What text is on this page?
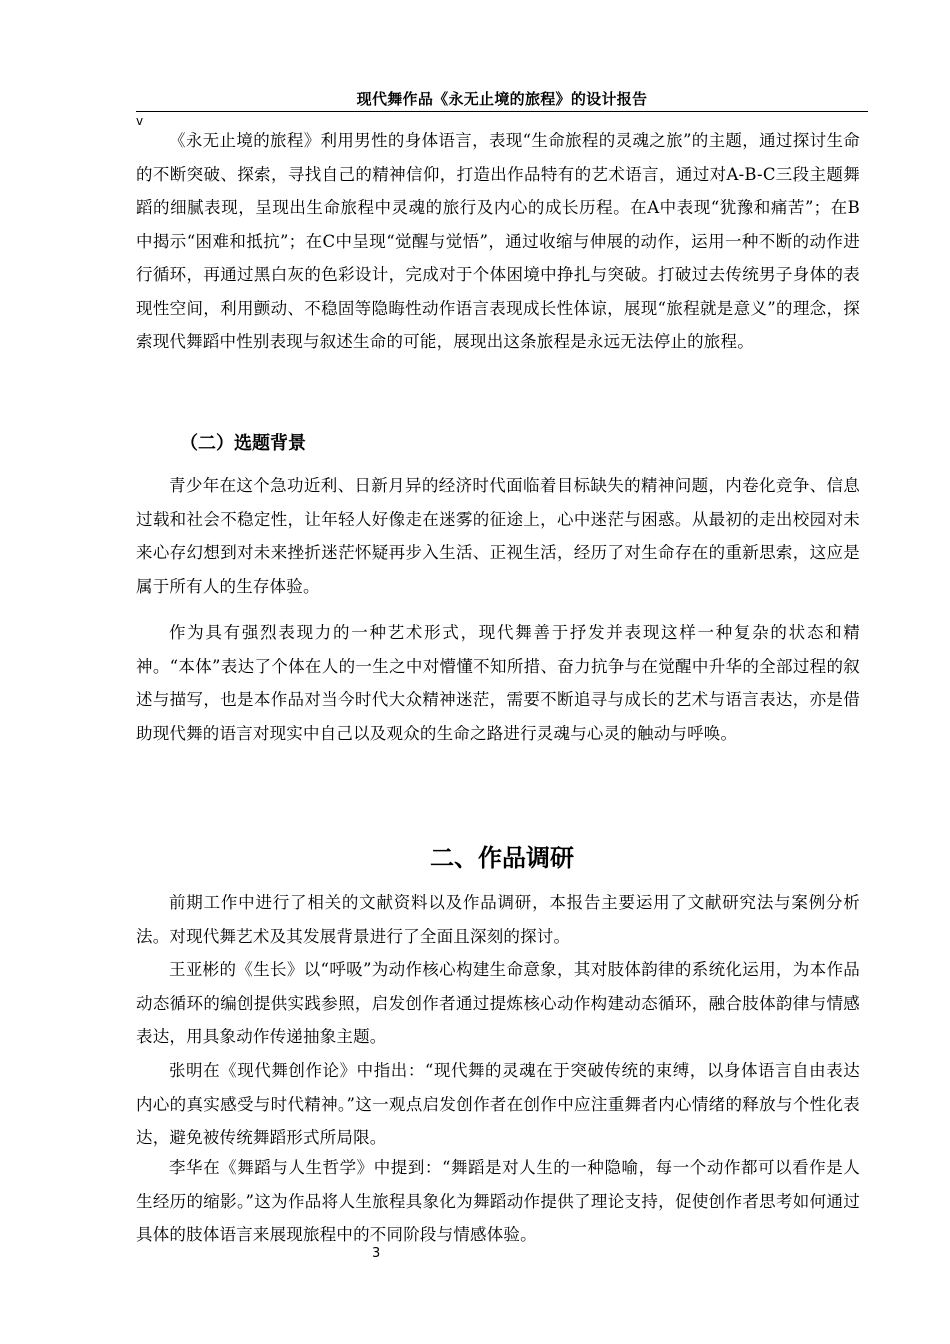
现代舞作品《永无止境的旅程》的设计报告
v

《永无止境的旅程》利用男性的身体语言，表现“生命旅程的灵魂之旅”的主题，通过探讨生命的不断突破、探索，寻找自己的精神信仰，打造出作品特有的艺术语言，通过对A-B-C三段主题舞蹈的细腻表现，呈现出生命旅程中灵魂的旅行及内心的成长历程。在A中表现“犹豫和痛苦”；在B中揭示“困难和抵抗”；在C中呈现“觉醒与觉悟”，通过收缩与伸展的动作，运用一种不断的动作进行循环，再通过黑白灰的色彩设计，完成对于个体困境中挣扎与突破。打破过去传统男子身体的表现性空间，利用颤动、不稳固等隐晦性动作语言表现成长性体谅，展现“旅程就是意义”的理念，探索现代舞蹈中性别表现与叙述生命的可能，展现出这条旅程是永远无法停止的旅程。

（二）选题背景

青少年在这个急功近利、日新月异的经济时代面临着目标缺失的精神问题，内卷化竞争、信息过载和社会不稳定性，让年轻人好像走在迷雾的征途上，心中迷茫与困惑。从最初的走出校园对未来心存幻想到对未来挫折迷茫怀疑再步入生活、正视生活，经历了对生命存在的重新思索，这应是属于所有人的生存体验。

作为具有强烈表现力的一种艺术形式，现代舞善于抒发并表现这样一种复杂的状态和精神。“本体”表达了个体在人的一生之中对懵懂不知所措、奋力抗争与在觉醒中升华的全部过程的叙述与描写，也是本作品对当今时代大众精神迷茫，需要不断追寻与成长的艺术与语言表达，亦是借助现代舞的语言对现实中自己以及观众的生命之路进行灵魂与心灵的触动与呼唤。

二、作品调研

前期工作中进行了相关的文献资料以及作品调研，本报告主要运用了文献研究法与案例分析法。对现代舞艺术及其发展背景进行了全面且深刻的探讨。

王亚彬的《生长》以“呼吸”为动作核心构建生命意象，其对肢体韵律的系统化运用，为本作品动态循环的编创提供实践参照，启发创作者通过提炼核心动作构建动态循环，融合肢体韵律与情感表达，用具象动作传递抽象主题。

张明在《现代舞创作论》中指出：“现代舞的灵魂在于突破传统的束缚，以身体语言自由表达内心的真实感受与时代精神。”这一观点启发创作者在创作中应注重舞者内心情绪的释放与个性化表达，避免被传统舞蹈形式所局限。

李华在《舞蹈与人生哲学》中提到：“舞蹈是对人生的一种隐喻，每一个动作都可以看作是人生经历的缩影。”这为作品将人生旅程具象化为舞蹈动作提供了理论支持，促使创作者思考如何通过具体的肢体语言来展现旅程中的不同阶段与情感体验。

3
